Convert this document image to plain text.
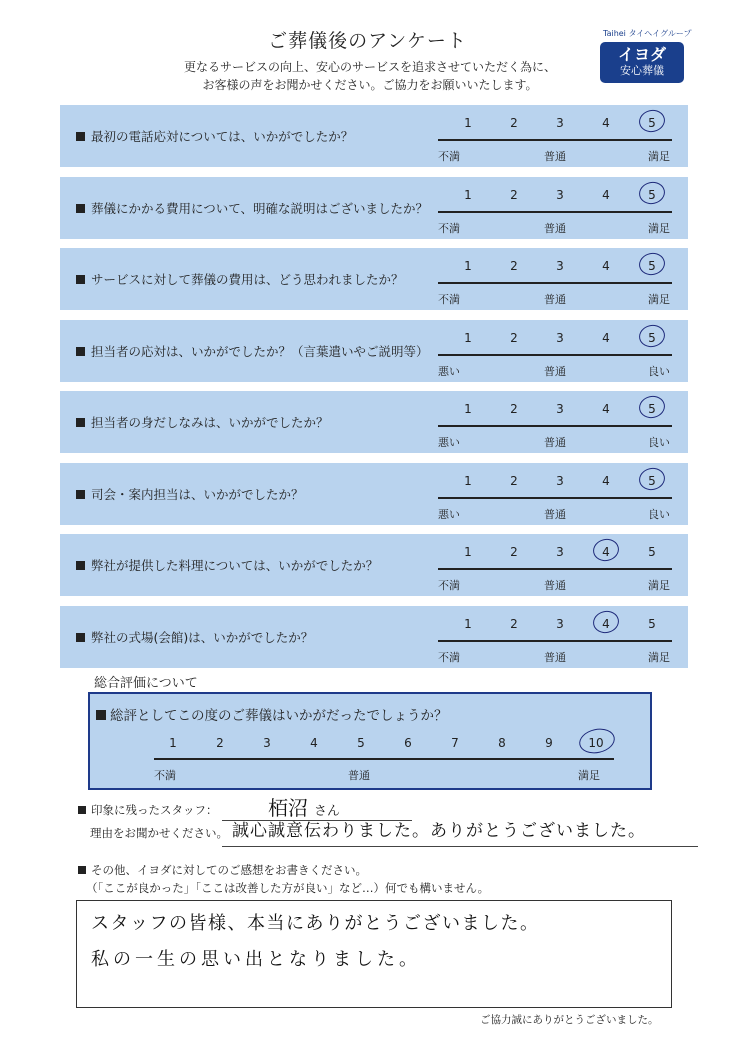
ご葬儀後のアンケート
更なるサービスの向上、安心のサービスを追求させていただく為に、
お客様の声をお聞かせください。ご協力をお願いいたします。
Taihei タイヘイグループ
イヨダ
安心葬儀
最初の電話応対については、いかがでしたか？
1	2	3	4	5
不満	普通	満足
葬儀にかかる費用について、明確な説明はございましたか？
1	2	3	4	5
不満	普通	満足
サービスに対して葬儀の費用は、どう思われましたか？
1	2	3	4	5
不満	普通	満足
担当者の応対は、いかがでしたか？（言葉遣いやご説明等）
1	2	3	4	5
悪い	普通	良い
担当者の身だしなみは、いかがでしたか？
1	2	3	4	5
悪い	普通	良い
司会・案内担当は、いかがでしたか？
1	2	3	4	5
悪い	普通	良い
弊社が提供した料理については、いかがでしたか？
1	2	3	4	5
不満	普通	満足
弊社の式場(会館)は、いかがでしたか？
1	2	3	4	5
不満	普通	満足
総合評価について
総評としてこの度のご葬儀はいかがだったでしょうか？
不満	普通	満足
1	2	3	4	5	6	7	8	9	10
印象に残ったスタッフ：	栢沼 さん
理由をお聞かせください。 誠心誠意伝わりました。ありがとうございました。
その他、イヨダに対してのご感想をお書きください。
（「ここが良かった」「ここは改善した方が良い」など…）何でも構いません。
スタッフの皆様、本当にありがとうございました。
私の一生の思い出となりました。
ご協力誠にありがとうございました。
